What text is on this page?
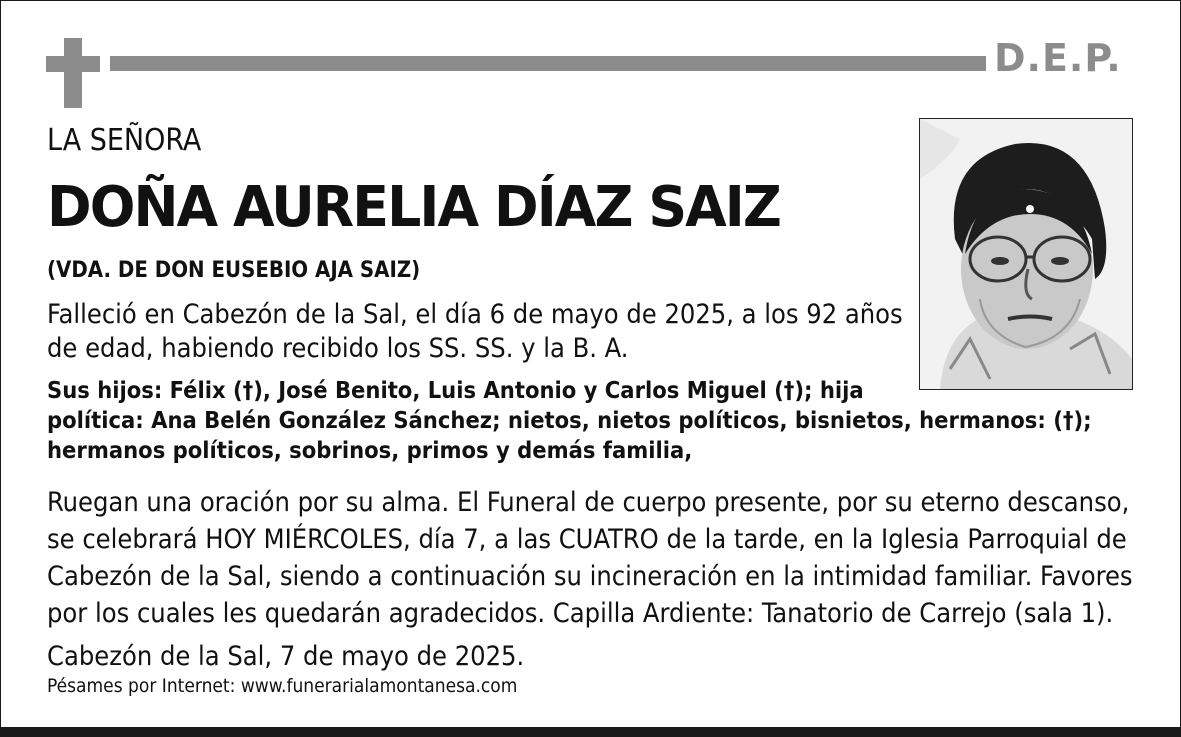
D.E.P.
LA SEÑORA
DOÑA AURELIA DÍAZ SAIZ
(VDA. DE DON EUSEBIO AJA SAIZ)
Falleció en Cabezón de la Sal, el día 6 de mayo de 2025, a los 92 años
de edad, habiendo recibido los SS. SS. y la B. A.
Sus hijos: Félix (†), José Benito, Luis Antonio y Carlos Miguel (†); hija
política: Ana Belén González Sánchez; nietos, nietos políticos, bisnietos, hermanos: (†);
hermanos políticos, sobrinos, primos y demás familia,
Ruegan una oración por su alma. El Funeral de cuerpo presente, por su eterno descanso,
se celebrará HOY MIÉRCOLES, día 7, a las CUATRO de la tarde, en la Iglesia Parroquial de
Cabezón de la Sal, siendo a continuación su incineración en la intimidad familiar. Favores
por los cuales les quedarán agradecidos. Capilla Ardiente: Tanatorio de Carrejo (sala 1).
Cabezón de la Sal, 7 de mayo de 2025.
Pésames por Internet: www.funerarialamontanesa.com
